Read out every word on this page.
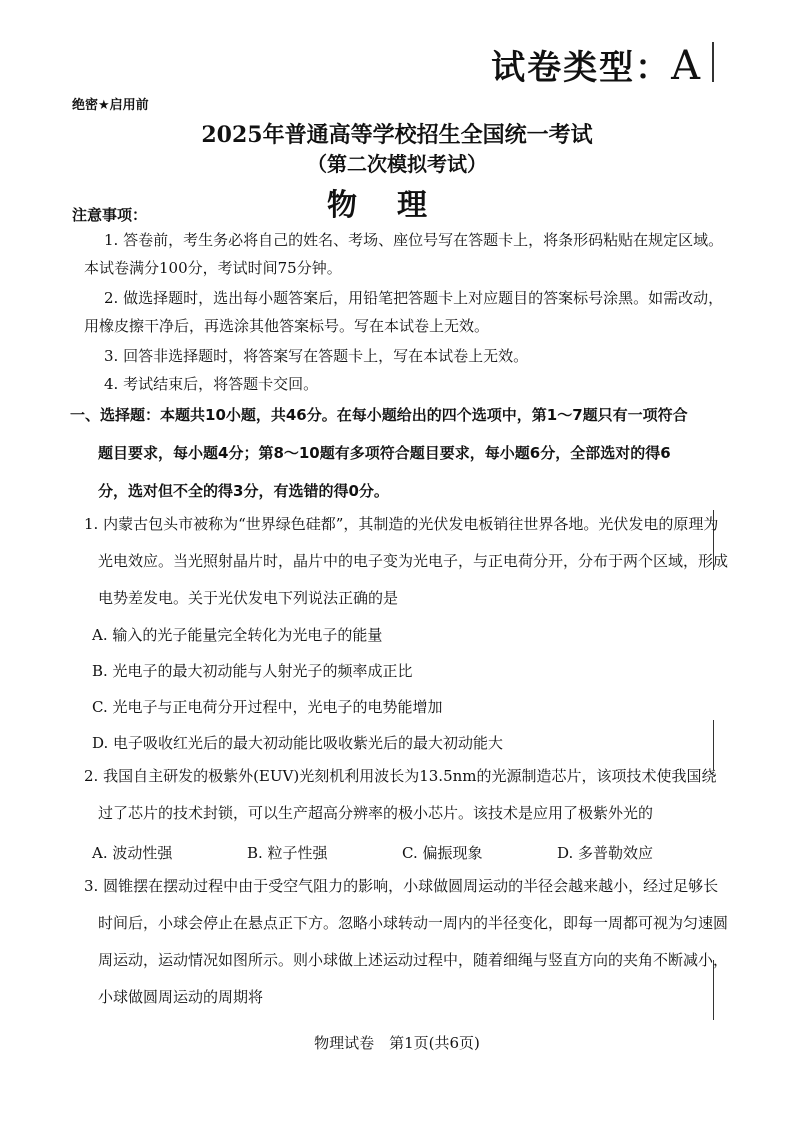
试卷类型：A
绝密★启用前
2025年普通高等学校招生全国统一考试
（第二次模拟考试）
物理
注意事项：
1. 答卷前，考生务必将自己的姓名、考场、座位号写在答题卡上，将条形码粘贴在规定区域。本试卷满分100分，考试时间75分钟。
2. 做选择题时，选出每小题答案后，用铅笔把答题卡上对应题目的答案标号涂黑。如需改动，用橡皮擦干净后，再选涂其他答案标号。写在本试卷上无效。
3. 回答非选择题时，将答案写在答题卡上，写在本试卷上无效。
4. 考试结束后，将答题卡交回。
一、选择题：本题共10小题，共46分。在每小题给出的四个选项中，第1～7题只有一项符合
题目要求，每小题4分；第8～10题有多项符合题目要求，每小题6分，全部选对的得6
分，选对但不全的得3分，有选错的得0分。
1. 内蒙古包头市被称为“世界绿色硅都”，其制造的光伏发电板销往世界各地。光伏发电的原理为光电效应。当光照射晶片时，晶片中的电子变为光电子，与正电荷分开，分布于两个区域，形成电势差发电。关于光伏发电下列说法正确的是
A. 输入的光子能量完全转化为光电子的能量
B. 光电子的最大初动能与人射光子的频率成正比
C. 光电子与正电荷分开过程中，光电子的电势能增加
D. 电子吸收红光后的最大初动能比吸收紫光后的最大初动能大
2. 我国自主研发的极紫外(EUV)光刻机利用波长为13.5nm的光源制造芯片，该项技术使我国绕过了芯片的技术封锁，可以生产超高分辨率的极小芯片。该技术是应用了极紫外光的
A. 波动性强	B. 粒子性强	C. 偏振现象	D. 多普勒效应
3. 圆锥摆在摆动过程中由于受空气阻力的影响，小球做圆周运动的半径会越来越小，经过足够长时间后，小球会停止在悬点正下方。忽略小球转动一周内的半径变化，即每一周都可视为匀速圆周运动，运动情况如图所示。则小球做上述运动过程中，随着细绳与竖直方向的夹角不断减小，小球做圆周运动的周期将
物理试卷　第1页(共6页)
